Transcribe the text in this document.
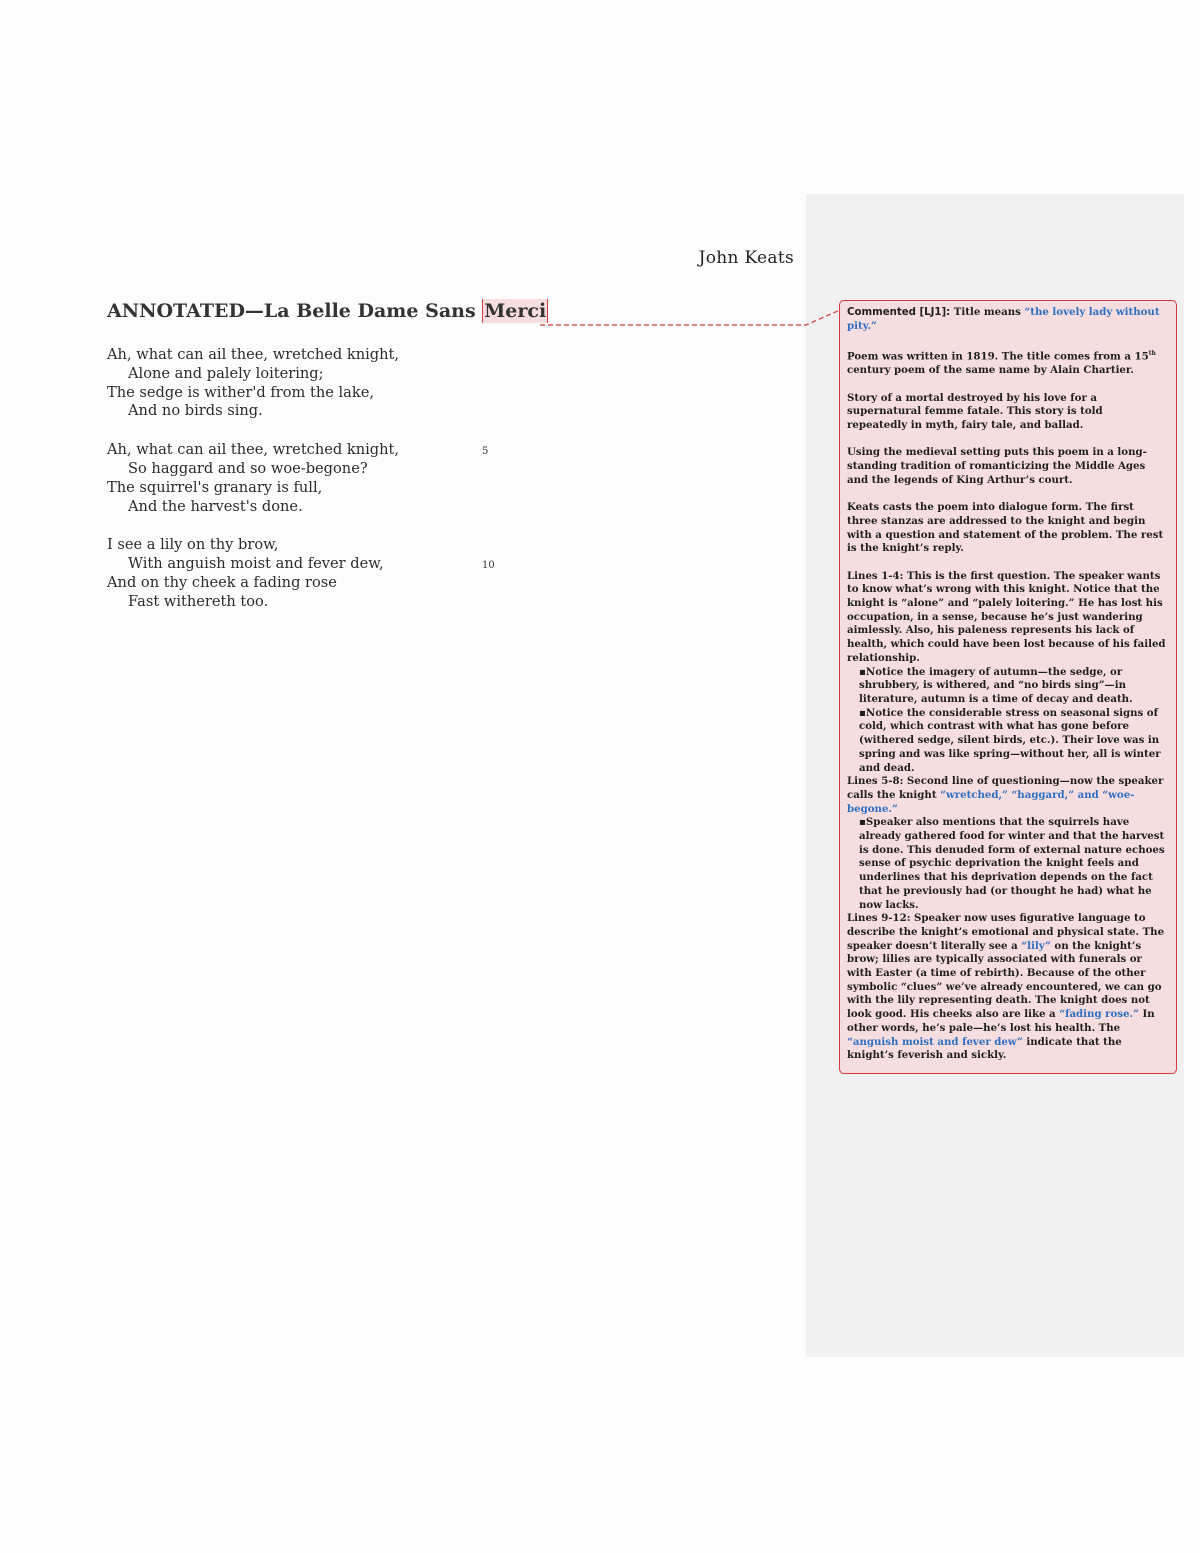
John Keats
ANNOTATED—La Belle Dame Sans Merci
Ah, what can ail thee, wretched knight,
Alone and palely loitering;
The sedge is wither'd from the lake,
And no birds sing.
Ah, what can ail thee, wretched knight,	5
So haggard and so woe-begone?
The squirrel's granary is full,
And the harvest's done.
I see a lily on thy brow,
With anguish moist and fever dew,	10
And on thy cheek a fading rose
Fast withereth too.

Commented [LJ1]: Title means “the lovely lady without pity.”

Poem was written in 1819. The title comes from a 15th century poem of the same name by Alain Chartier.

Story of a mortal destroyed by his love for a supernatural femme fatale. This story is told repeatedly in myth, fairy tale, and ballad.

Using the medieval setting puts this poem in a long-standing tradition of romanticizing the Middle Ages and the legends of King Arthur’s court.

Keats casts the poem into dialogue form. The first three stanzas are addressed to the knight and begin with a question and statement of the problem. The rest is the knight’s reply.

Lines 1-4: This is the first question. The speaker wants to know what’s wrong with this knight. Notice that the knight is “alone” and “palely loitering.” He has lost his occupation, in a sense, because he’s just wandering aimlessly. Also, his paleness represents his lack of health, which could have been lost because of his failed relationship.

▪Notice the imagery of autumn—the sedge, or shrubbery, is withered, and “no birds sing”—in literature, autumn is a time of decay and death.
▪Notice the considerable stress on seasonal signs of cold, which contrast with what has gone before (withered sedge, silent birds, etc.). Their love was in spring and was like spring—without her, all is winter and dead.

Lines 5-8: Second line of questioning—now the speaker calls the knight “wretched,” “haggard,” and “woe-begone.”

▪Speaker also mentions that the squirrels have already gathered food for winter and that the harvest is done. This denuded form of external nature echoes sense of psychic deprivation the knight feels and underlines that his deprivation depends on the fact that he previously had (or thought he had) what he now lacks.

Lines 9-12: Speaker now uses figurative language to describe the knight’s emotional and physical state. The speaker doesn’t literally see a “lily” on the knight’s brow; lilies are typically associated with funerals or with Easter (a time of rebirth). Because of the other symbolic “clues” we’ve already encountered, we can go with the lily representing death. The knight does not look good. His cheeks also are like a “fading rose.” In other words, he’s pale—he’s lost his health. The “anguish moist and fever dew” indicate that the knight’s feverish and sickly.
